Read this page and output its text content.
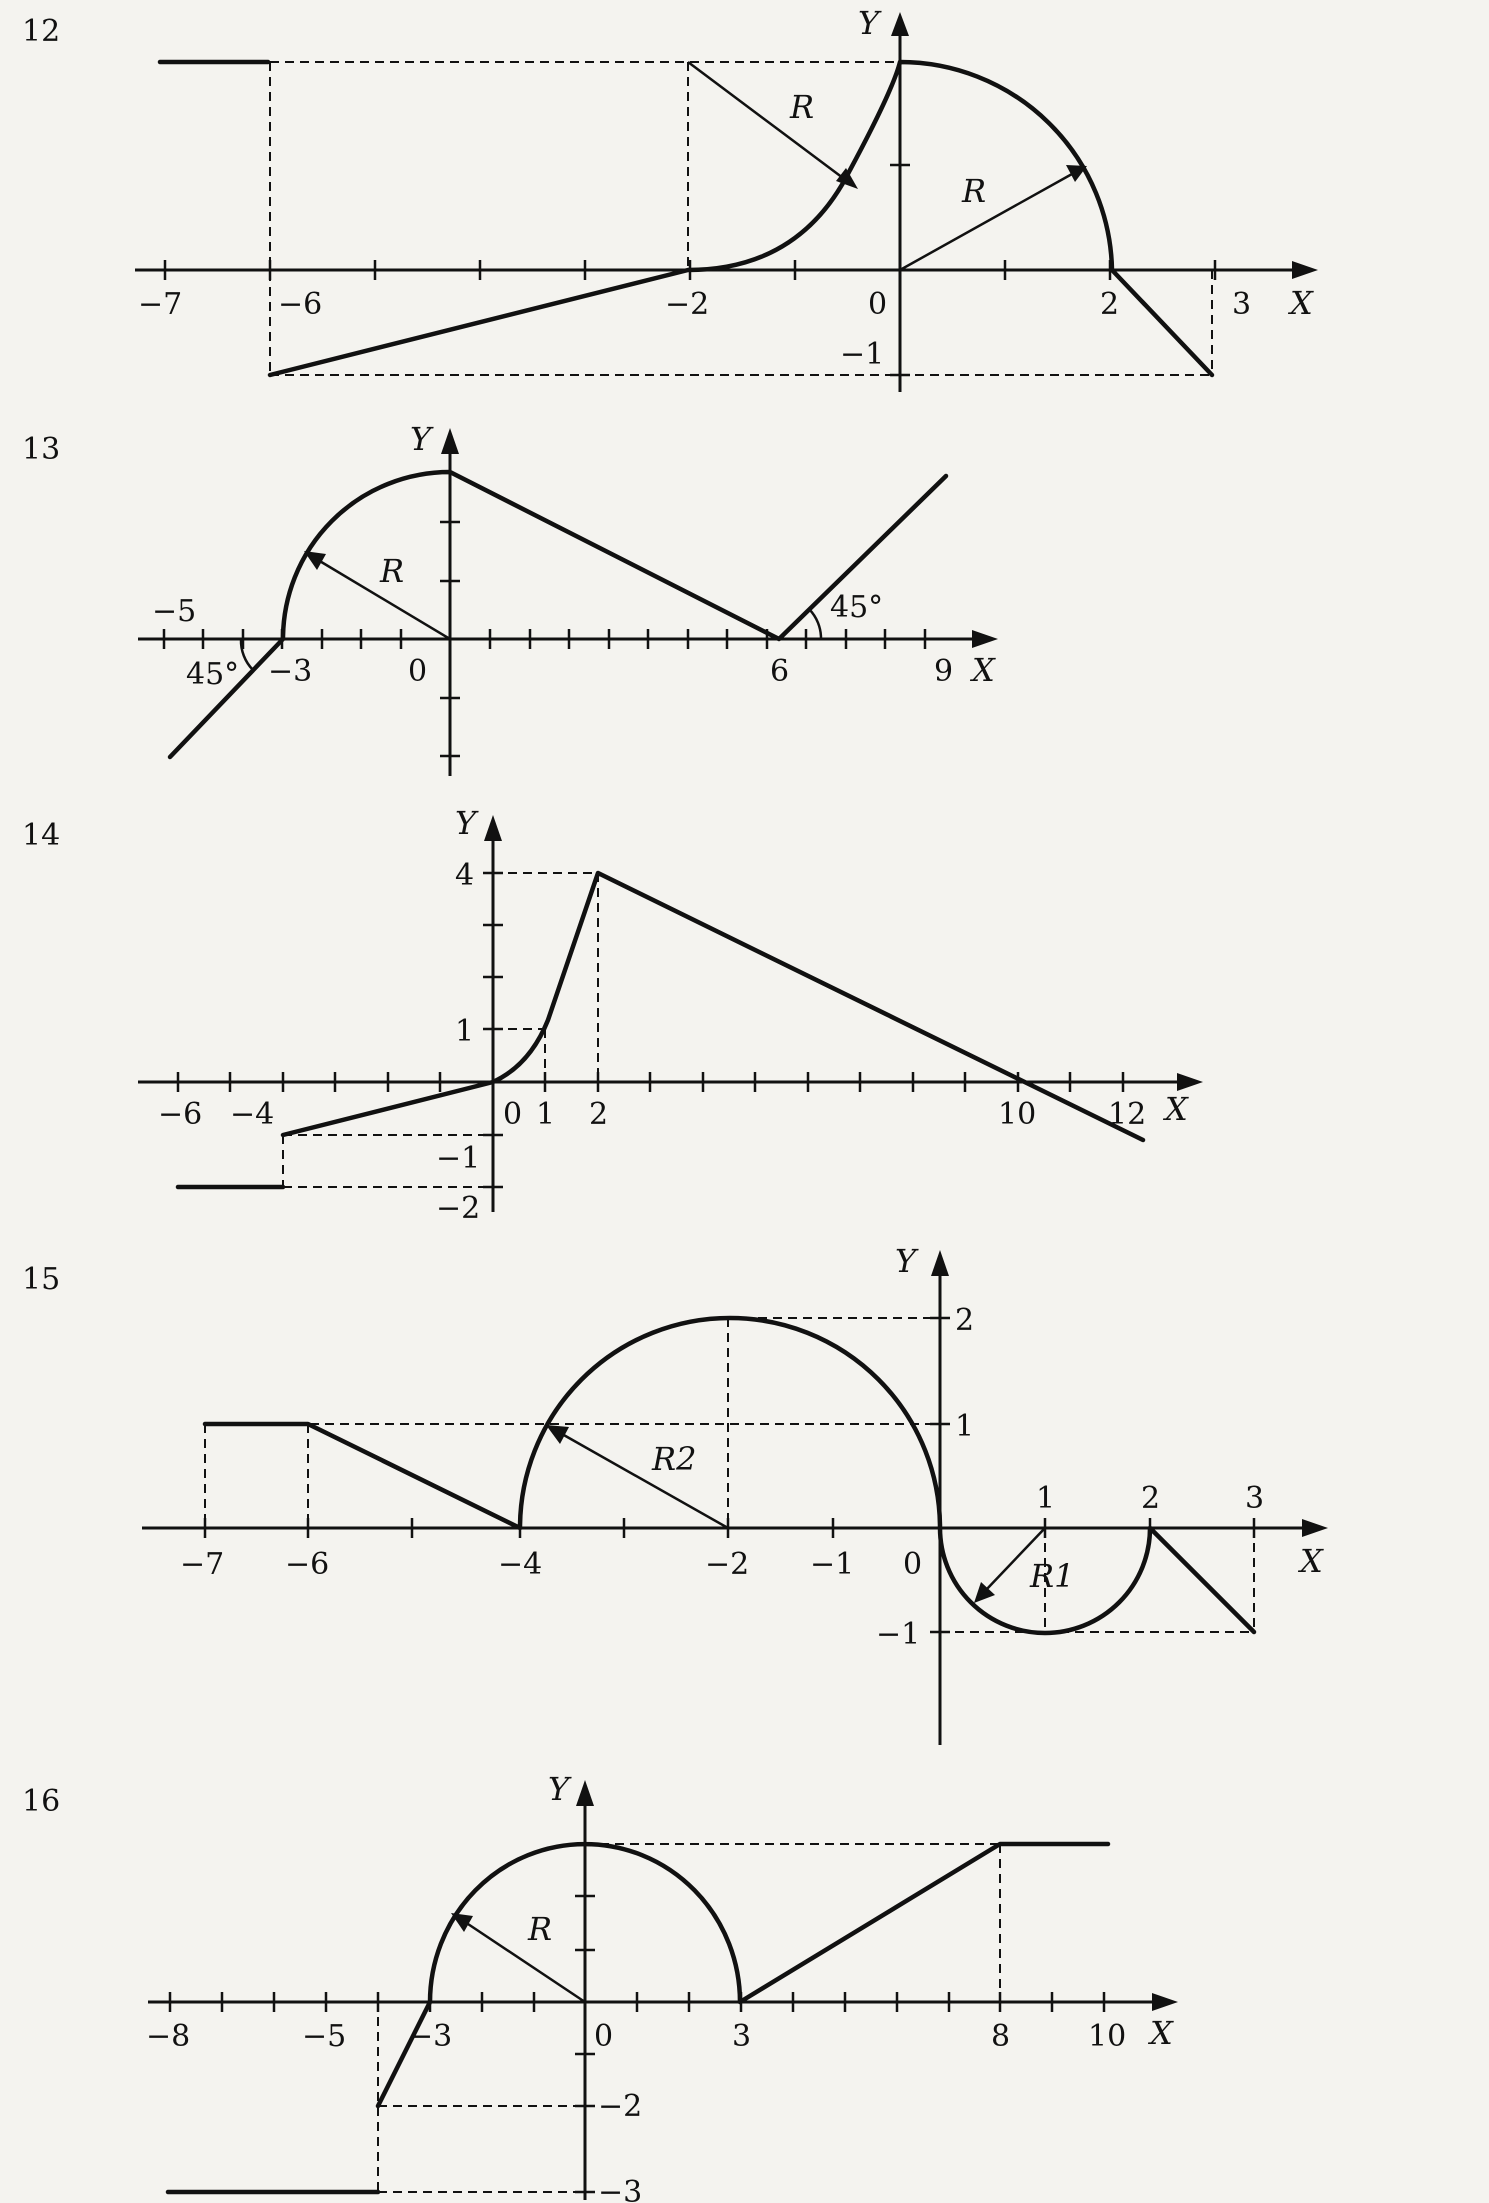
12
13
14
15
16
−7	−6	−2	0	2	3
−1
X
Y
R
R
−5
−3	0	6	9 X
Y
R
45°
45°
4
1
−1
−2
−6 −4	0 1 2	10 12 X
Y
2
1
−1
−7 −6	−4	−2 −1 0
1	2	3
X
Y
R2
R1
−8	−5 −3	0	3	8	10
−2
−3
X
Y
R
